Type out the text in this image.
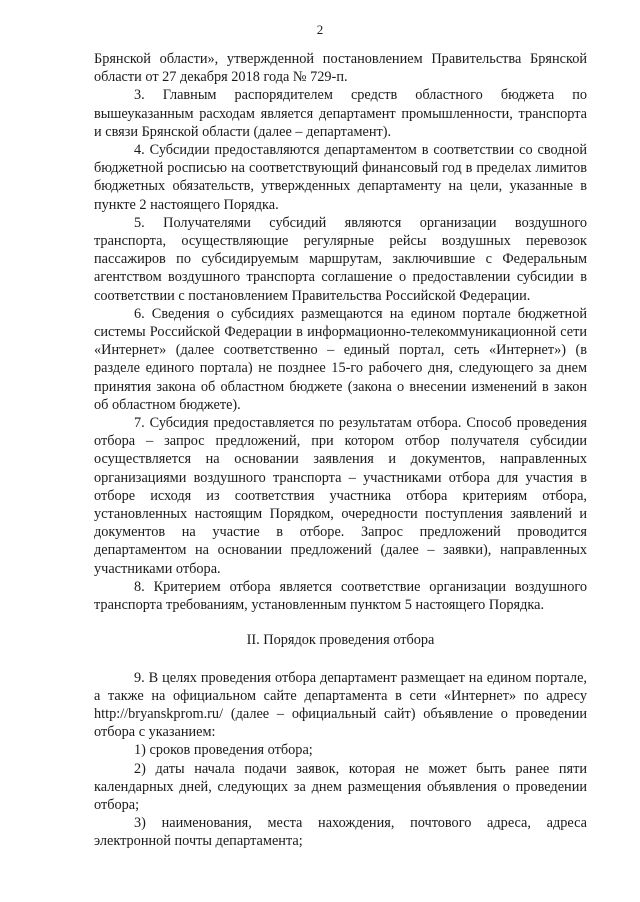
2

Брянской области», утвержденной постановлением Правительства Брянской области от 27 декабря 2018 года № 729-п.

3. Главным распорядителем средств областного бюджета по вышеуказанным расходам является департамент промышленности, транспорта и связи Брянской области (далее – департамент).

4. Субсидии предоставляются департаментом в соответствии со сводной бюджетной росписью на соответствующий финансовый год в пределах лимитов бюджетных обязательств, утвержденных департаменту на цели, указанные в пункте 2 настоящего Порядка.

5. Получателями субсидий являются организации воздушного транспорта, осуществляющие регулярные рейсы воздушных перевозок пассажиров по субсидируемым маршрутам, заключившие с Федеральным агентством воздушного транспорта соглашение о предоставлении субсидии в соответствии с постановлением Правительства Российской Федерации.

6. Сведения о субсидиях размещаются на едином портале бюджетной системы Российской Федерации в информационно-телекоммуникационной сети «Интернет» (далее соответственно – единый портал, сеть «Интернет») (в разделе единого портала) не позднее 15-го рабочего дня, следующего за днем принятия закона об областном бюджете (закона о внесении изменений в закон об областном бюджете).

7. Субсидия предоставляется по результатам отбора. Способ проведения отбора – запрос предложений, при котором отбор получателя субсидии осуществляется на основании заявления и документов, направленных организациями воздушного транспорта – участниками отбора для участия в отборе исходя из соответствия участника отбора критериям отбора, установленных настоящим Порядком, очередности поступления заявлений и документов на участие в отборе. Запрос предложений проводится департаментом на основании предложений (далее – заявки), направленных участниками отбора.

8. Критерием отбора является соответствие организации воздушного транспорта требованиям, установленным пунктом 5 настоящего Порядка.

II. Порядок проведения отбора

9. В целях проведения отбора департамент размещает на едином портале, а также на официальном сайте департамента в сети «Интернет» по адресу http://bryanskprom.ru/ (далее – официальный сайт) объявление о проведении отбора с указанием:

1) сроков проведения отбора;

2) даты начала подачи заявок, которая не может быть ранее пяти календарных дней, следующих за днем размещения объявления о проведении отбора;

3) наименования, места нахождения, почтового адреса, адреса электронной почты департамента;
